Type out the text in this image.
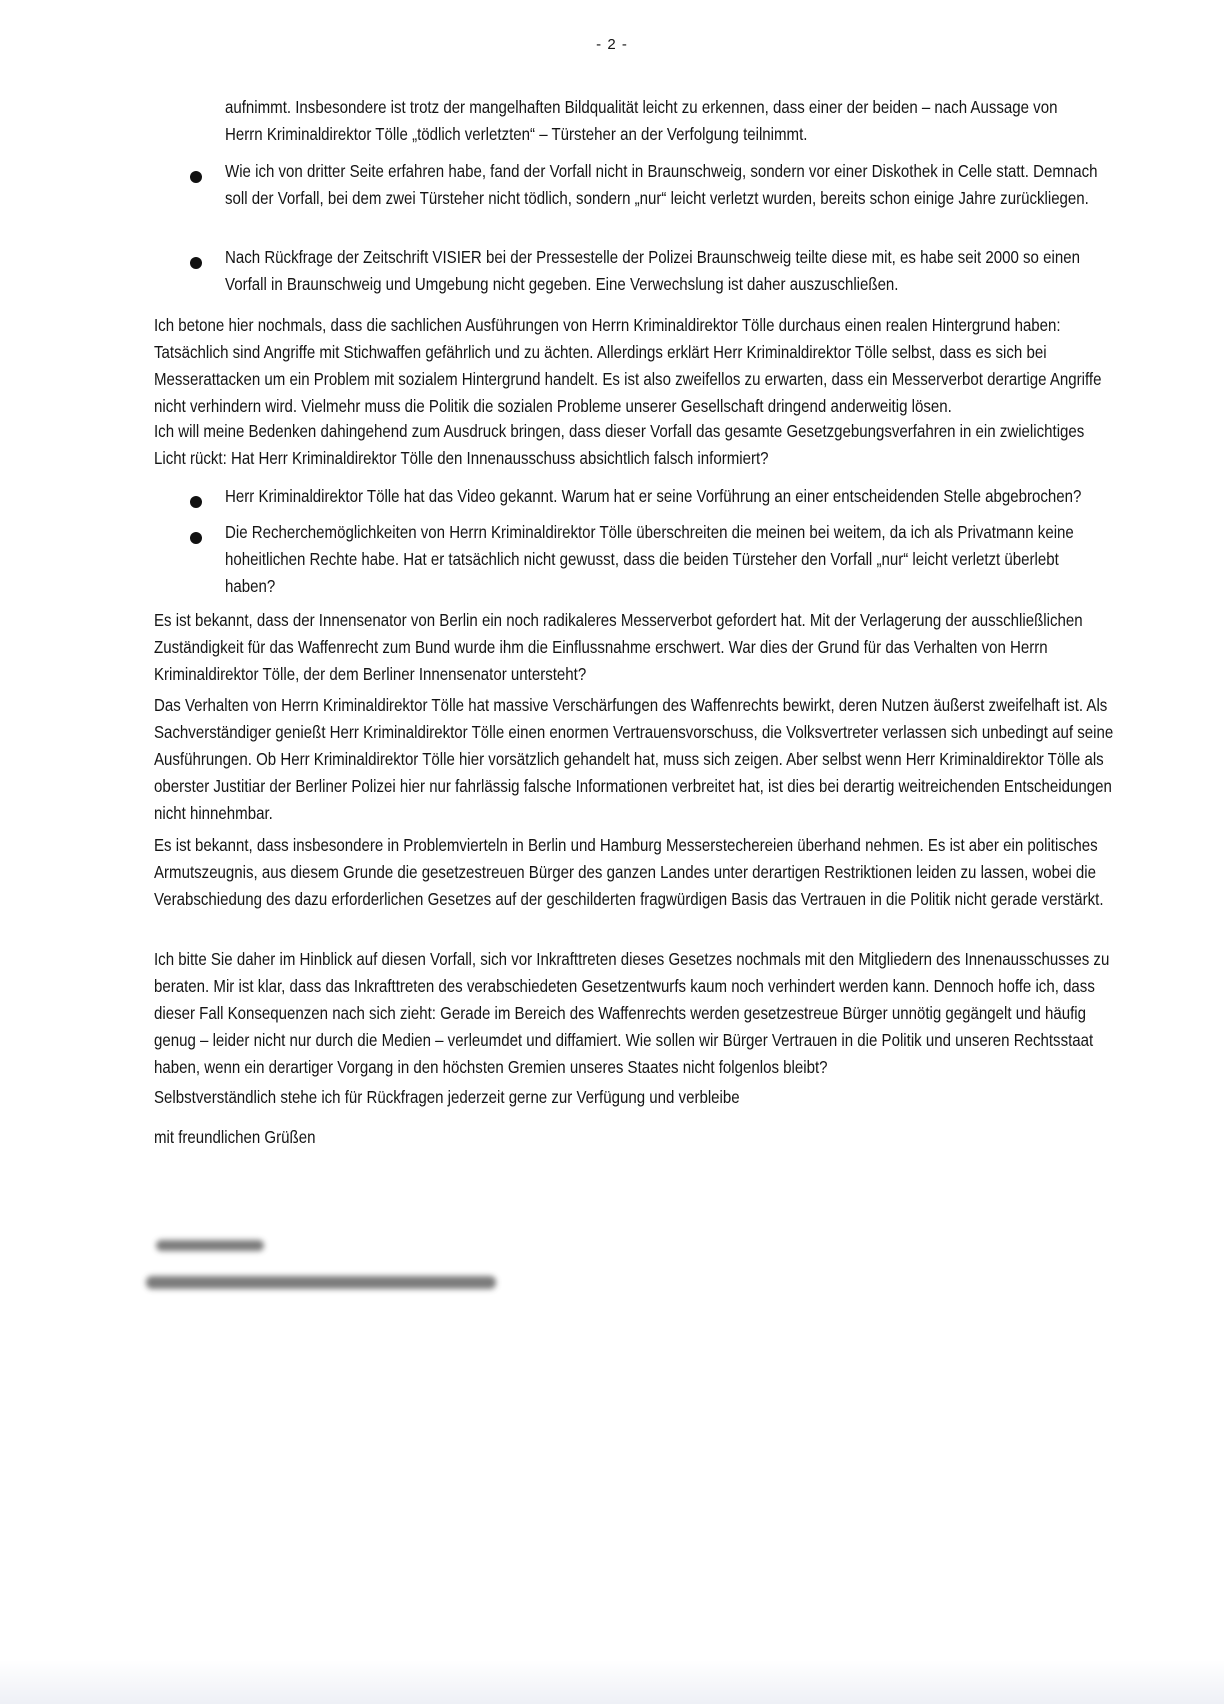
- 2 -
aufnimmt. Insbesondere ist trotz der mangelhaften Bildqualität leicht zu erkennen, dass einer der beiden – nach Aussage von Herrn Kriminaldirektor Tölle „tödlich verletzten“ – Türsteher an der Verfolgung teilnimmt.
Wie ich von dritter Seite erfahren habe, fand der Vorfall nicht in Braunschweig, sondern vor einer Diskothek in Celle statt. Demnach soll der Vorfall, bei dem zwei Türsteher nicht tödlich, sondern „nur“ leicht verletzt wurden, bereits schon einige Jahre zurückliegen.
Nach Rückfrage der Zeitschrift VISIER bei der Pressestelle der Polizei Braunschweig teilte diese mit, es habe seit 2000 so einen Vorfall in Braunschweig und Umgebung nicht gegeben. Eine Verwechslung ist daher auszuschließen.
Ich betone hier nochmals, dass die sachlichen Ausführungen von Herrn Kriminaldirektor Tölle durchaus einen realen Hintergrund haben: Tatsächlich sind Angriffe mit Stichwaffen gefährlich und zu ächten. Allerdings erklärt Herr Kriminaldirektor Tölle selbst, dass es sich bei Messerattacken um ein Problem mit sozialem Hintergrund handelt. Es ist also zweifellos zu erwarten, dass ein Messerverbot derartige Angriffe nicht verhindern wird. Vielmehr muss die Politik die sozialen Probleme unserer Gesellschaft dringend anderweitig lösen.
Ich will meine Bedenken dahingehend zum Ausdruck bringen, dass dieser Vorfall das gesamte Gesetzgebungsverfahren in ein zwielichtiges Licht rückt: Hat Herr Kriminaldirektor Tölle den Innenausschuss absichtlich falsch informiert?
Herr Kriminaldirektor Tölle hat das Video gekannt. Warum hat er seine Vorführung an einer entscheidenden Stelle abgebrochen?
Die Recherchemöglichkeiten von Herrn Kriminaldirektor Tölle überschreiten die meinen bei weitem, da ich als Privatmann keine hoheitlichen Rechte habe. Hat er tatsächlich nicht gewusst, dass die beiden Türsteher den Vorfall „nur“ leicht verletzt überlebt haben?
Es ist bekannt, dass der Innensenator von Berlin ein noch radikaleres Messerverbot gefordert hat. Mit der Verlagerung der ausschließlichen Zuständigkeit für das Waffenrecht zum Bund wurde ihm die Einflussnahme erschwert. War dies der Grund für das Verhalten von Herrn Kriminaldirektor Tölle, der dem Berliner Innensenator untersteht?
Das Verhalten von Herrn Kriminaldirektor Tölle hat massive Verschärfungen des Waffenrechts bewirkt, deren Nutzen äußerst zweifelhaft ist. Als Sachverständiger genießt Herr Kriminaldirektor Tölle einen enormen Vertrauensvorschuss, die Volksvertreter verlassen sich unbedingt auf seine Ausführungen. Ob Herr Kriminaldirektor Tölle hier vorsätzlich gehandelt hat, muss sich zeigen. Aber selbst wenn Herr Kriminaldirektor Tölle als oberster Justitiar der Berliner Polizei hier nur fahrlässig falsche Informationen verbreitet hat, ist dies bei derartig weitreichenden Entscheidungen nicht hinnehmbar.
Es ist bekannt, dass insbesondere in Problemvierteln in Berlin und Hamburg Messerstechereien überhand nehmen. Es ist aber ein politisches Armutszeugnis, aus diesem Grunde die gesetzestreuen Bürger des ganzen Landes unter derartigen Restriktionen leiden zu lassen, wobei die Verabschiedung des dazu erforderlichen Gesetzes auf der geschilderten fragwürdigen Basis das Vertrauen in die Politik nicht gerade verstärkt.
Ich bitte Sie daher im Hinblick auf diesen Vorfall, sich vor Inkrafttreten dieses Gesetzes nochmals mit den Mitgliedern des Innenausschusses zu beraten. Mir ist klar, dass das Inkrafttreten des verabschiedeten Gesetzentwurfs kaum noch verhindert werden kann. Dennoch hoffe ich, dass dieser Fall Konsequenzen nach sich zieht: Gerade im Bereich des Waffenrechts werden gesetzestreue Bürger unnötig gegängelt und häufig genug – leider nicht nur durch die Medien – verleumdet und diffamiert. Wie sollen wir Bürger Vertrauen in die Politik und unseren Rechtsstaat haben, wenn ein derartiger Vorgang in den höchsten Gremien unseres Staates nicht folgenlos bleibt?
Selbstverständlich stehe ich für Rückfragen jederzeit gerne zur Verfügung und verbleibe
mit freundlichen Grüßen
